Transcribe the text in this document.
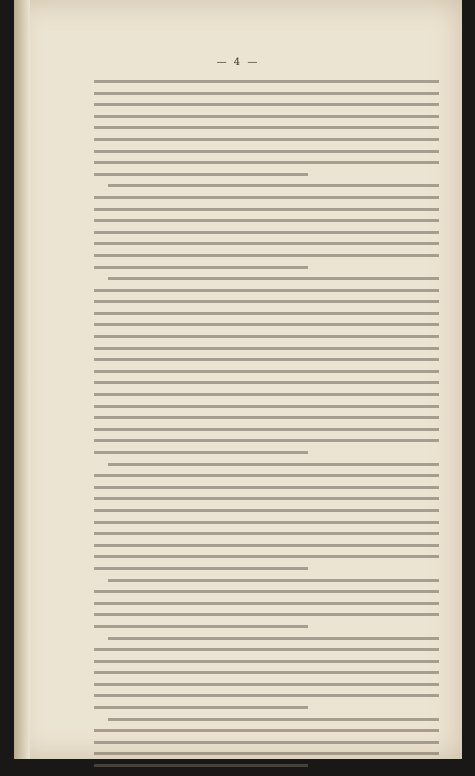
— 4 —
